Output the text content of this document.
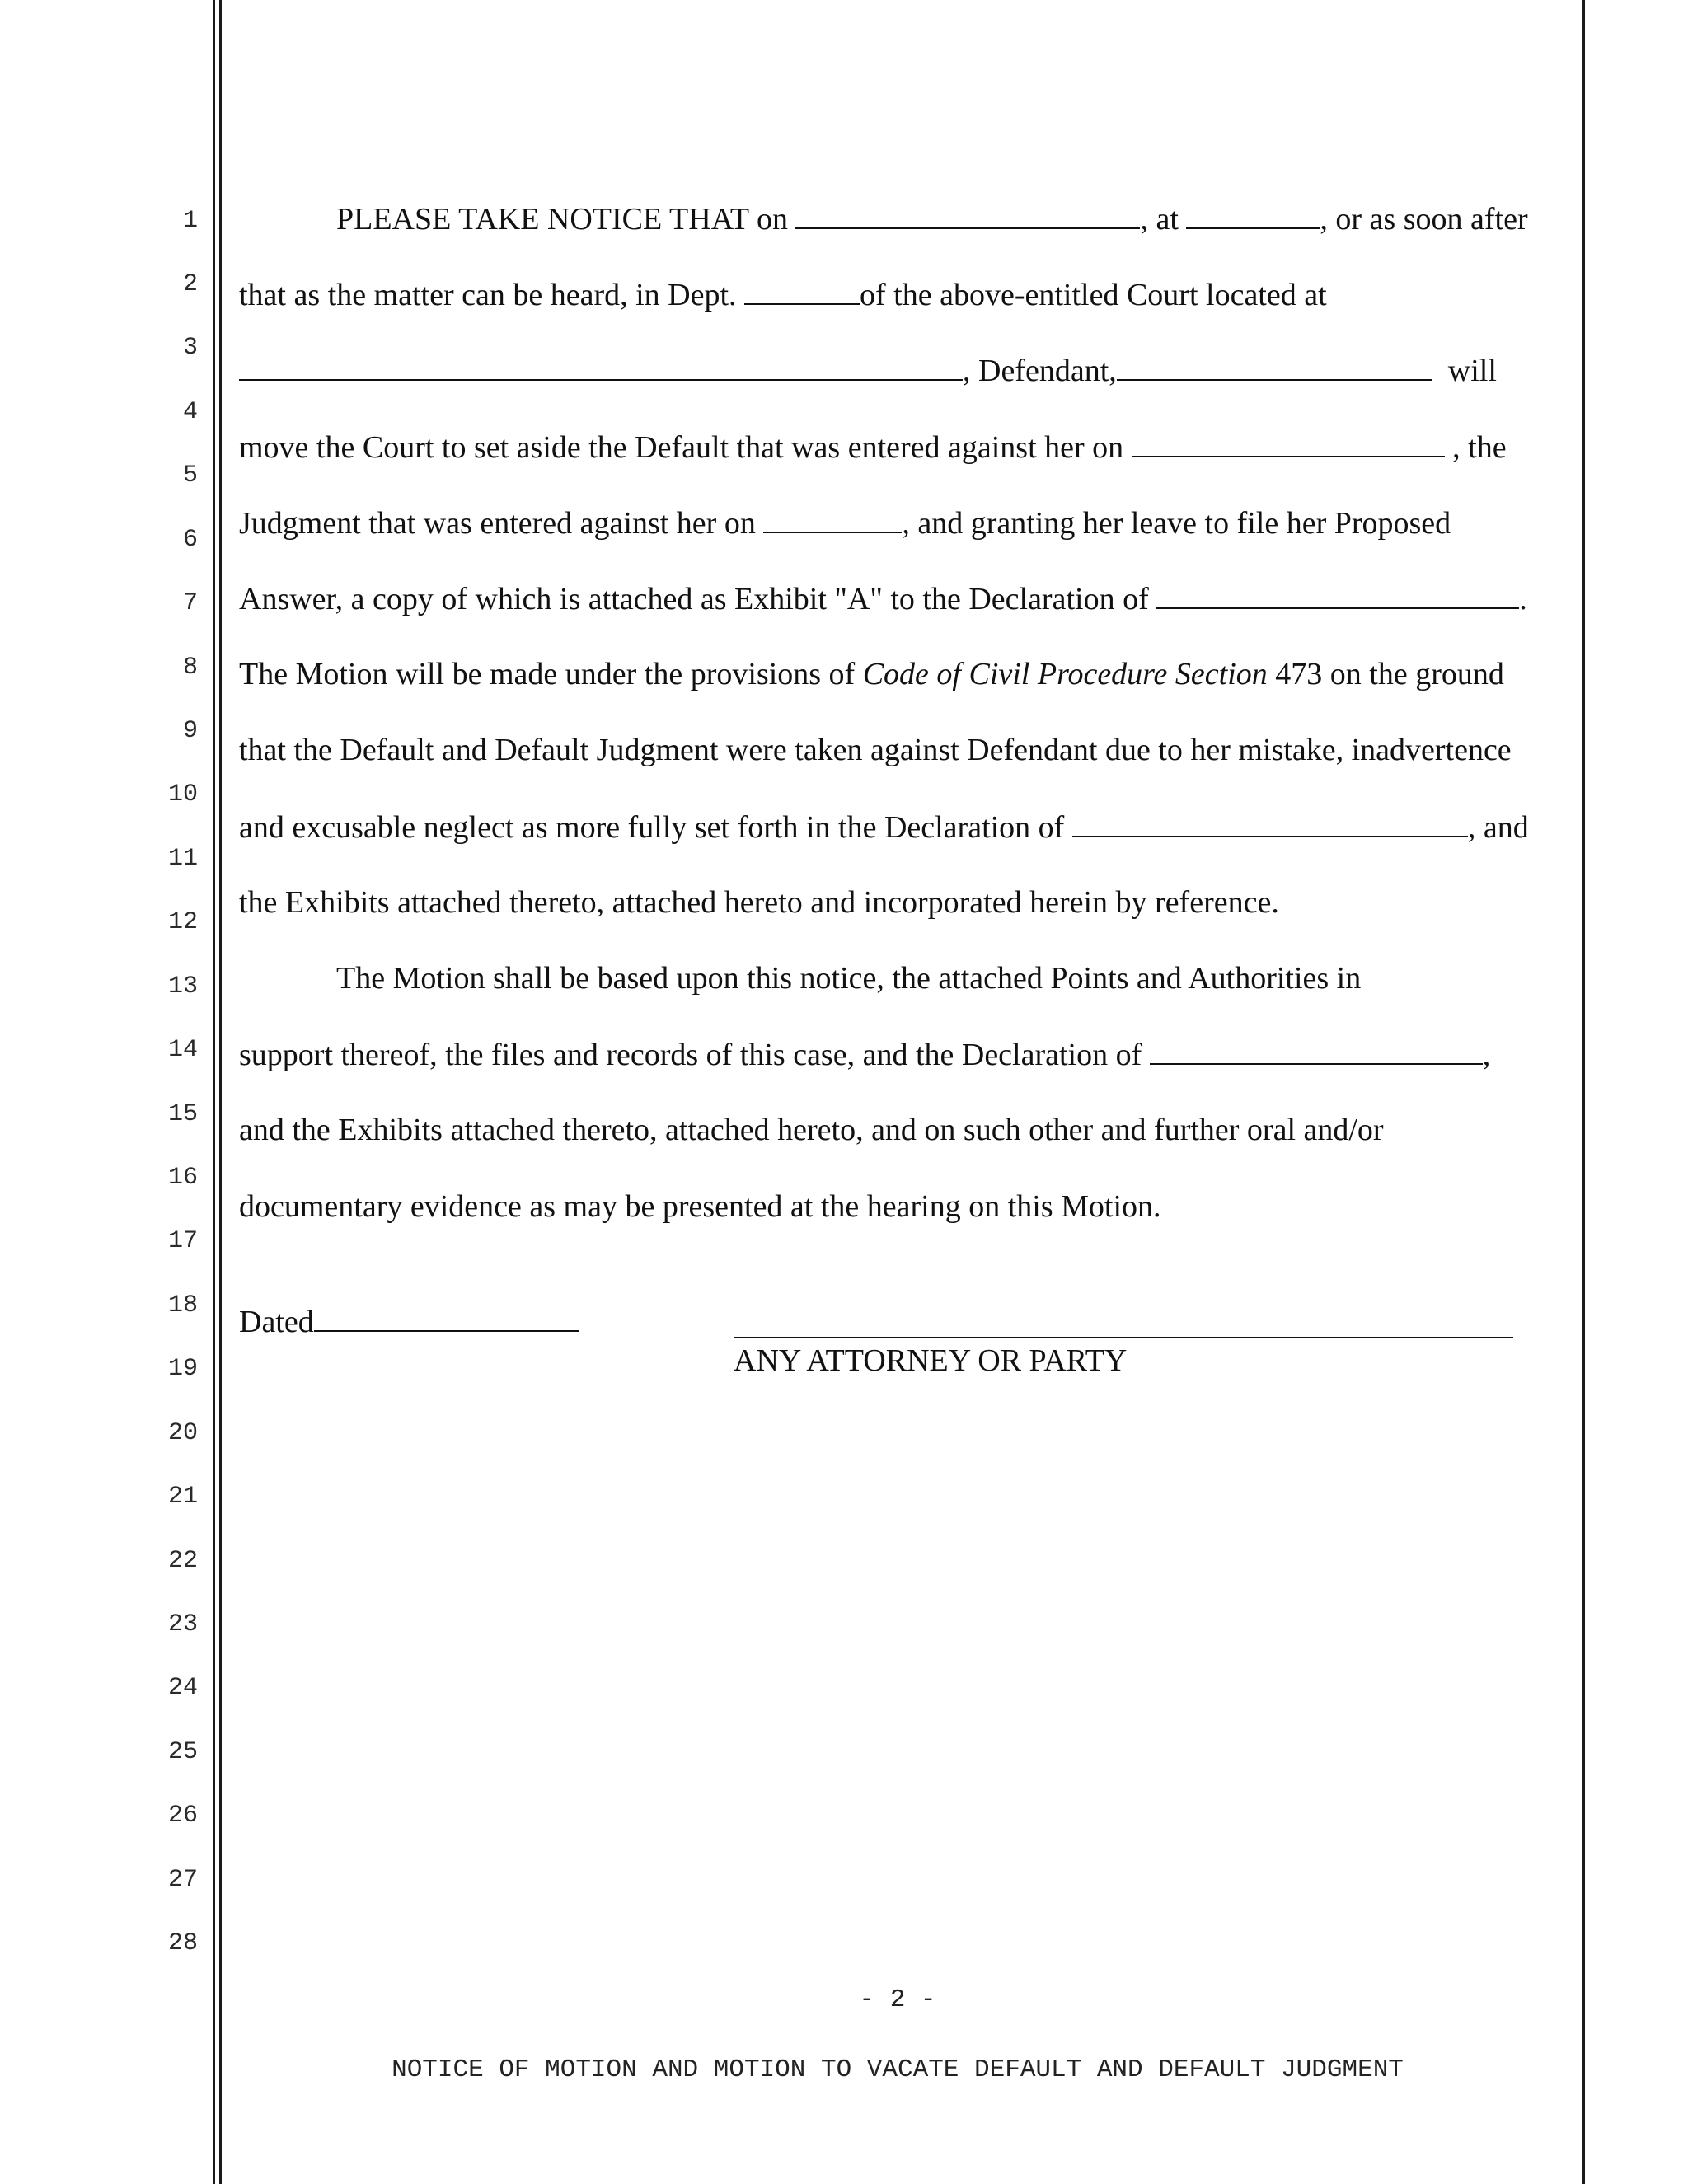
1
2
3
4
5
6
7
8
9
10
11
12
13
14
15
16
17
18
19
20
21
22
23
24
25
26
27
28
PLEASE TAKE NOTICE THAT on	, at	, or as soon after
that as the matter can be heard, in Dept.	of the above-entitled Court located at
, Defendant,	will
move the Court to set aside the Default that was entered against her on	, the
Judgment that was entered against her on	, and granting her leave to file her Proposed
Answer, a copy of which is attached as Exhibit "A" to the Declaration of	.
The Motion will be made under the provisions of Code of Civil Procedure Section 473 on the ground
that the Default and Default Judgment were taken against Defendant due to her mistake, inadvertence
and excusable neglect as more fully set forth in the Declaration of	, and
the Exhibits attached thereto, attached hereto and incorporated herein by reference.
The Motion shall be based upon this notice, the attached Points and Authorities in
support thereof, the files and records of this case, and the Declaration of	,
and the Exhibits attached thereto, attached hereto, and on such other and further oral and/or
documentary evidence as may be presented at the hearing on this Motion.
Dated
ANY ATTORNEY OR PARTY
- 2 -
NOTICE OF MOTION AND MOTION TO VACATE DEFAULT AND DEFAULT JUDGMENT
